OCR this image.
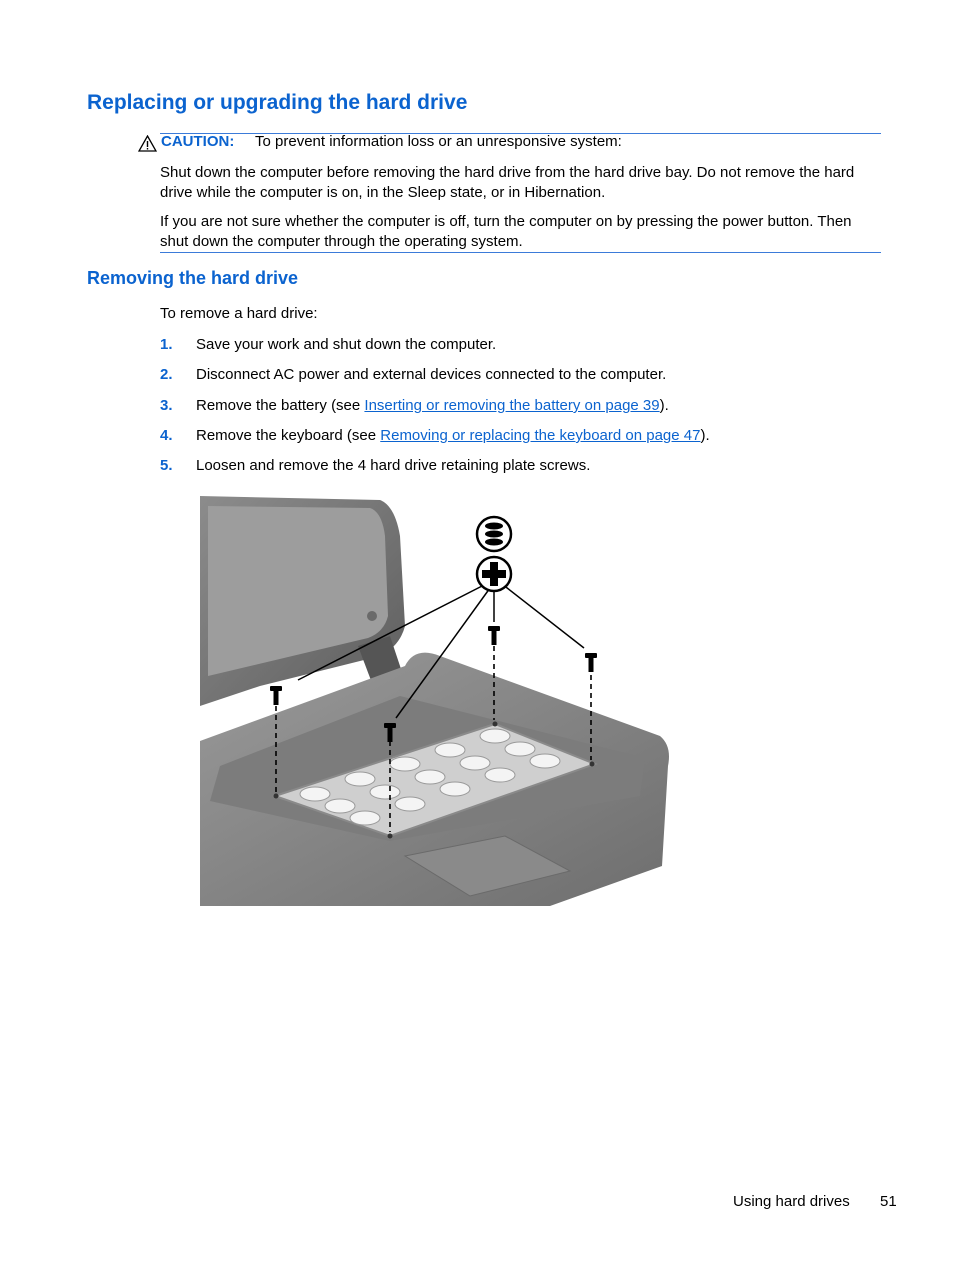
Replacing or upgrading the hard drive
CAUTION: To prevent information loss or an unresponsive system:

Shut down the computer before removing the hard drive from the hard drive bay. Do not remove the hard drive while the computer is on, in the Sleep state, or in Hibernation.

If you are not sure whether the computer is off, turn the computer on by pressing the power button. Then shut down the computer through the operating system.

Removing the hard drive

To remove a hard drive:

1. Save your work and shut down the computer.
2. Disconnect AC power and external devices connected to the computer.
3. Remove the battery (see Inserting or removing the battery on page 39).
4. Remove the keyboard (see Removing or replacing the keyboard on page 47).
5. Loosen and remove the 4 hard drive retaining plate screws.
Using hard drives 51
